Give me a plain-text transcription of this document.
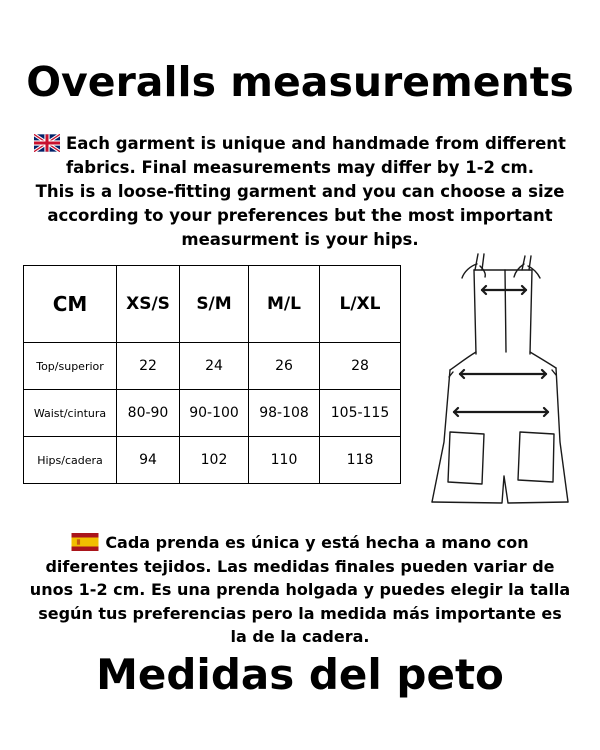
Overalls measurements
Each garment is unique and handmade from different
fabrics. Final measurements may differ by 1-2 cm.
This is a loose-fitting garment and you can choose a size
according to your preferences but the most important
measurment is your hips.
CM	XS/S	S/M	M/L	L/XL
Top/superior	22	24	26	28
Waist/cintura	80-90	90-100	98-108	105-115
Hips/cadera	94	102	110	118
Cada prenda es única y está hecha a mano con
diferentes tejidos. Las medidas finales pueden variar de
unos 1-2 cm. Es una prenda holgada y puedes elegir la talla
según tus preferencias pero la medida más importante es
la de la cadera.
Medidas del peto
